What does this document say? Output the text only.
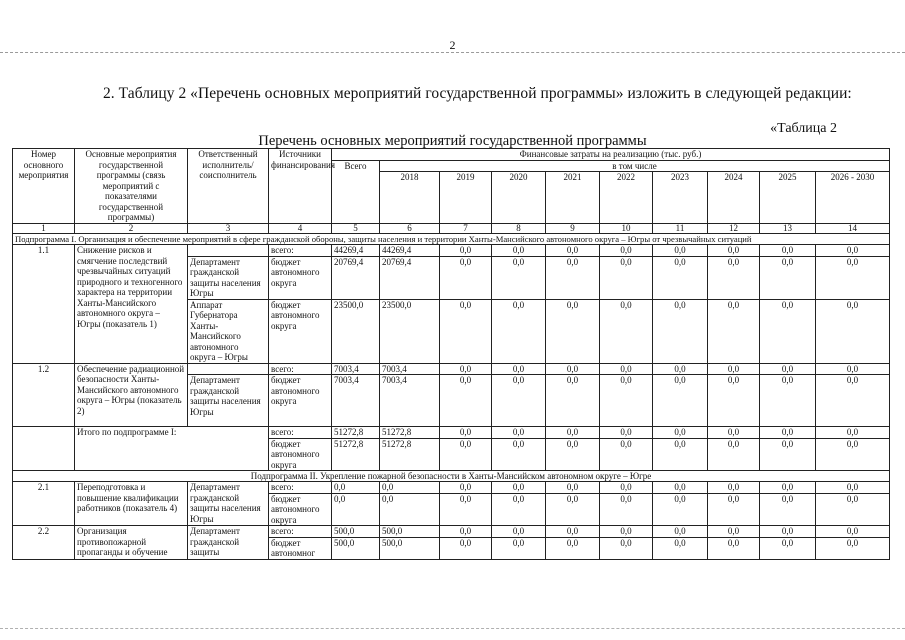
2
2. Таблицу 2 «Перечень основных мероприятий государственной программы» изложить в следующей редакции:
«Таблица 2
Перечень основных мероприятий государственной программы
Номер основного мероприятия	Основные мероприятия государственной программы (связь мероприятий с показателями государственной программы)	Ответственный исполнитель/соисполнитель	Источники финансирования	Финансовые затраты на реализацию (тыс. руб.)									
				Всего	в том числе								
					2018	2019	2020	2021	2022	2023	2024	2025	2026 - 2030
1	2	3	4	5	6	7	8	9	10	11	12	13	14
Подпрограмма I. Организация и обеспечение мероприятий в сфере гражданской обороны, защиты населения и территории Ханты-Мансийского автономного округа – Югры от чрезвычайных ситуаций													
1.1	Снижение рисков и смягчение последствий чрезвычайных ситуаций природного и техногенного характера на территории Ханты-Мансийского автономного округа – Югры (показатель 1)		всего:	44269,4	44269,4	0,0	0,0	0,0	0,0	0,0	0,0	0,0	0,0
		Департамент гражданской защиты населения Югры	бюджет автономного округа	20769,4	20769,4	0,0	0,0	0,0	0,0	0,0	0,0	0,0	0,0
		Аппарат Губернатора Ханты-Мансийского автономного округа – Югры	бюджет автономного округа	23500,0	23500,0	0,0	0,0	0,0	0,0	0,0	0,0	0,0	0,0
1.2	Обеспечение радиационной безопасности Ханты-Мансийского автономного округа – Югры (показатель 2)		всего:	7003,4	7003,4	0,0	0,0	0,0	0,0	0,0	0,0	0,0	0,0
		Департамент гражданской защиты населения Югры	бюджет автономного округа	7003,4	7003,4	0,0	0,0	0,0	0,0	0,0	0,0	0,0	0,0
	Итого по подпрограмме I:		всего:	51272,8	51272,8	0,0	0,0	0,0	0,0	0,0	0,0	0,0	0,0
			бюджет автономного округа	51272,8	51272,8	0,0	0,0	0,0	0,0	0,0	0,0	0,0	0,0
Подпрограмма II. Укрепление пожарной безопасности в Ханты-Мансийском автономном округе – Югре													
2.1	Переподготовка и повышение квалификации работников (показатель 4)	Департамент гражданской защиты населения Югры	всего:	0,0	0,0	0,0	0,0	0,0	0,0	0,0	0,0	0,0	0,0
			бюджет автономного округа	0,0	0,0	0,0	0,0	0,0	0,0	0,0	0,0	0,0	0,0
2.2	Организация противопожарной пропаганды и обучение	Департамент гражданской защиты	всего:	500,0	500,0	0,0	0,0	0,0	0,0	0,0	0,0	0,0	0,0
			бюджет автономног	500,0	500,0	0,0	0,0	0,0	0,0	0,0	0,0	0,0	0,0
